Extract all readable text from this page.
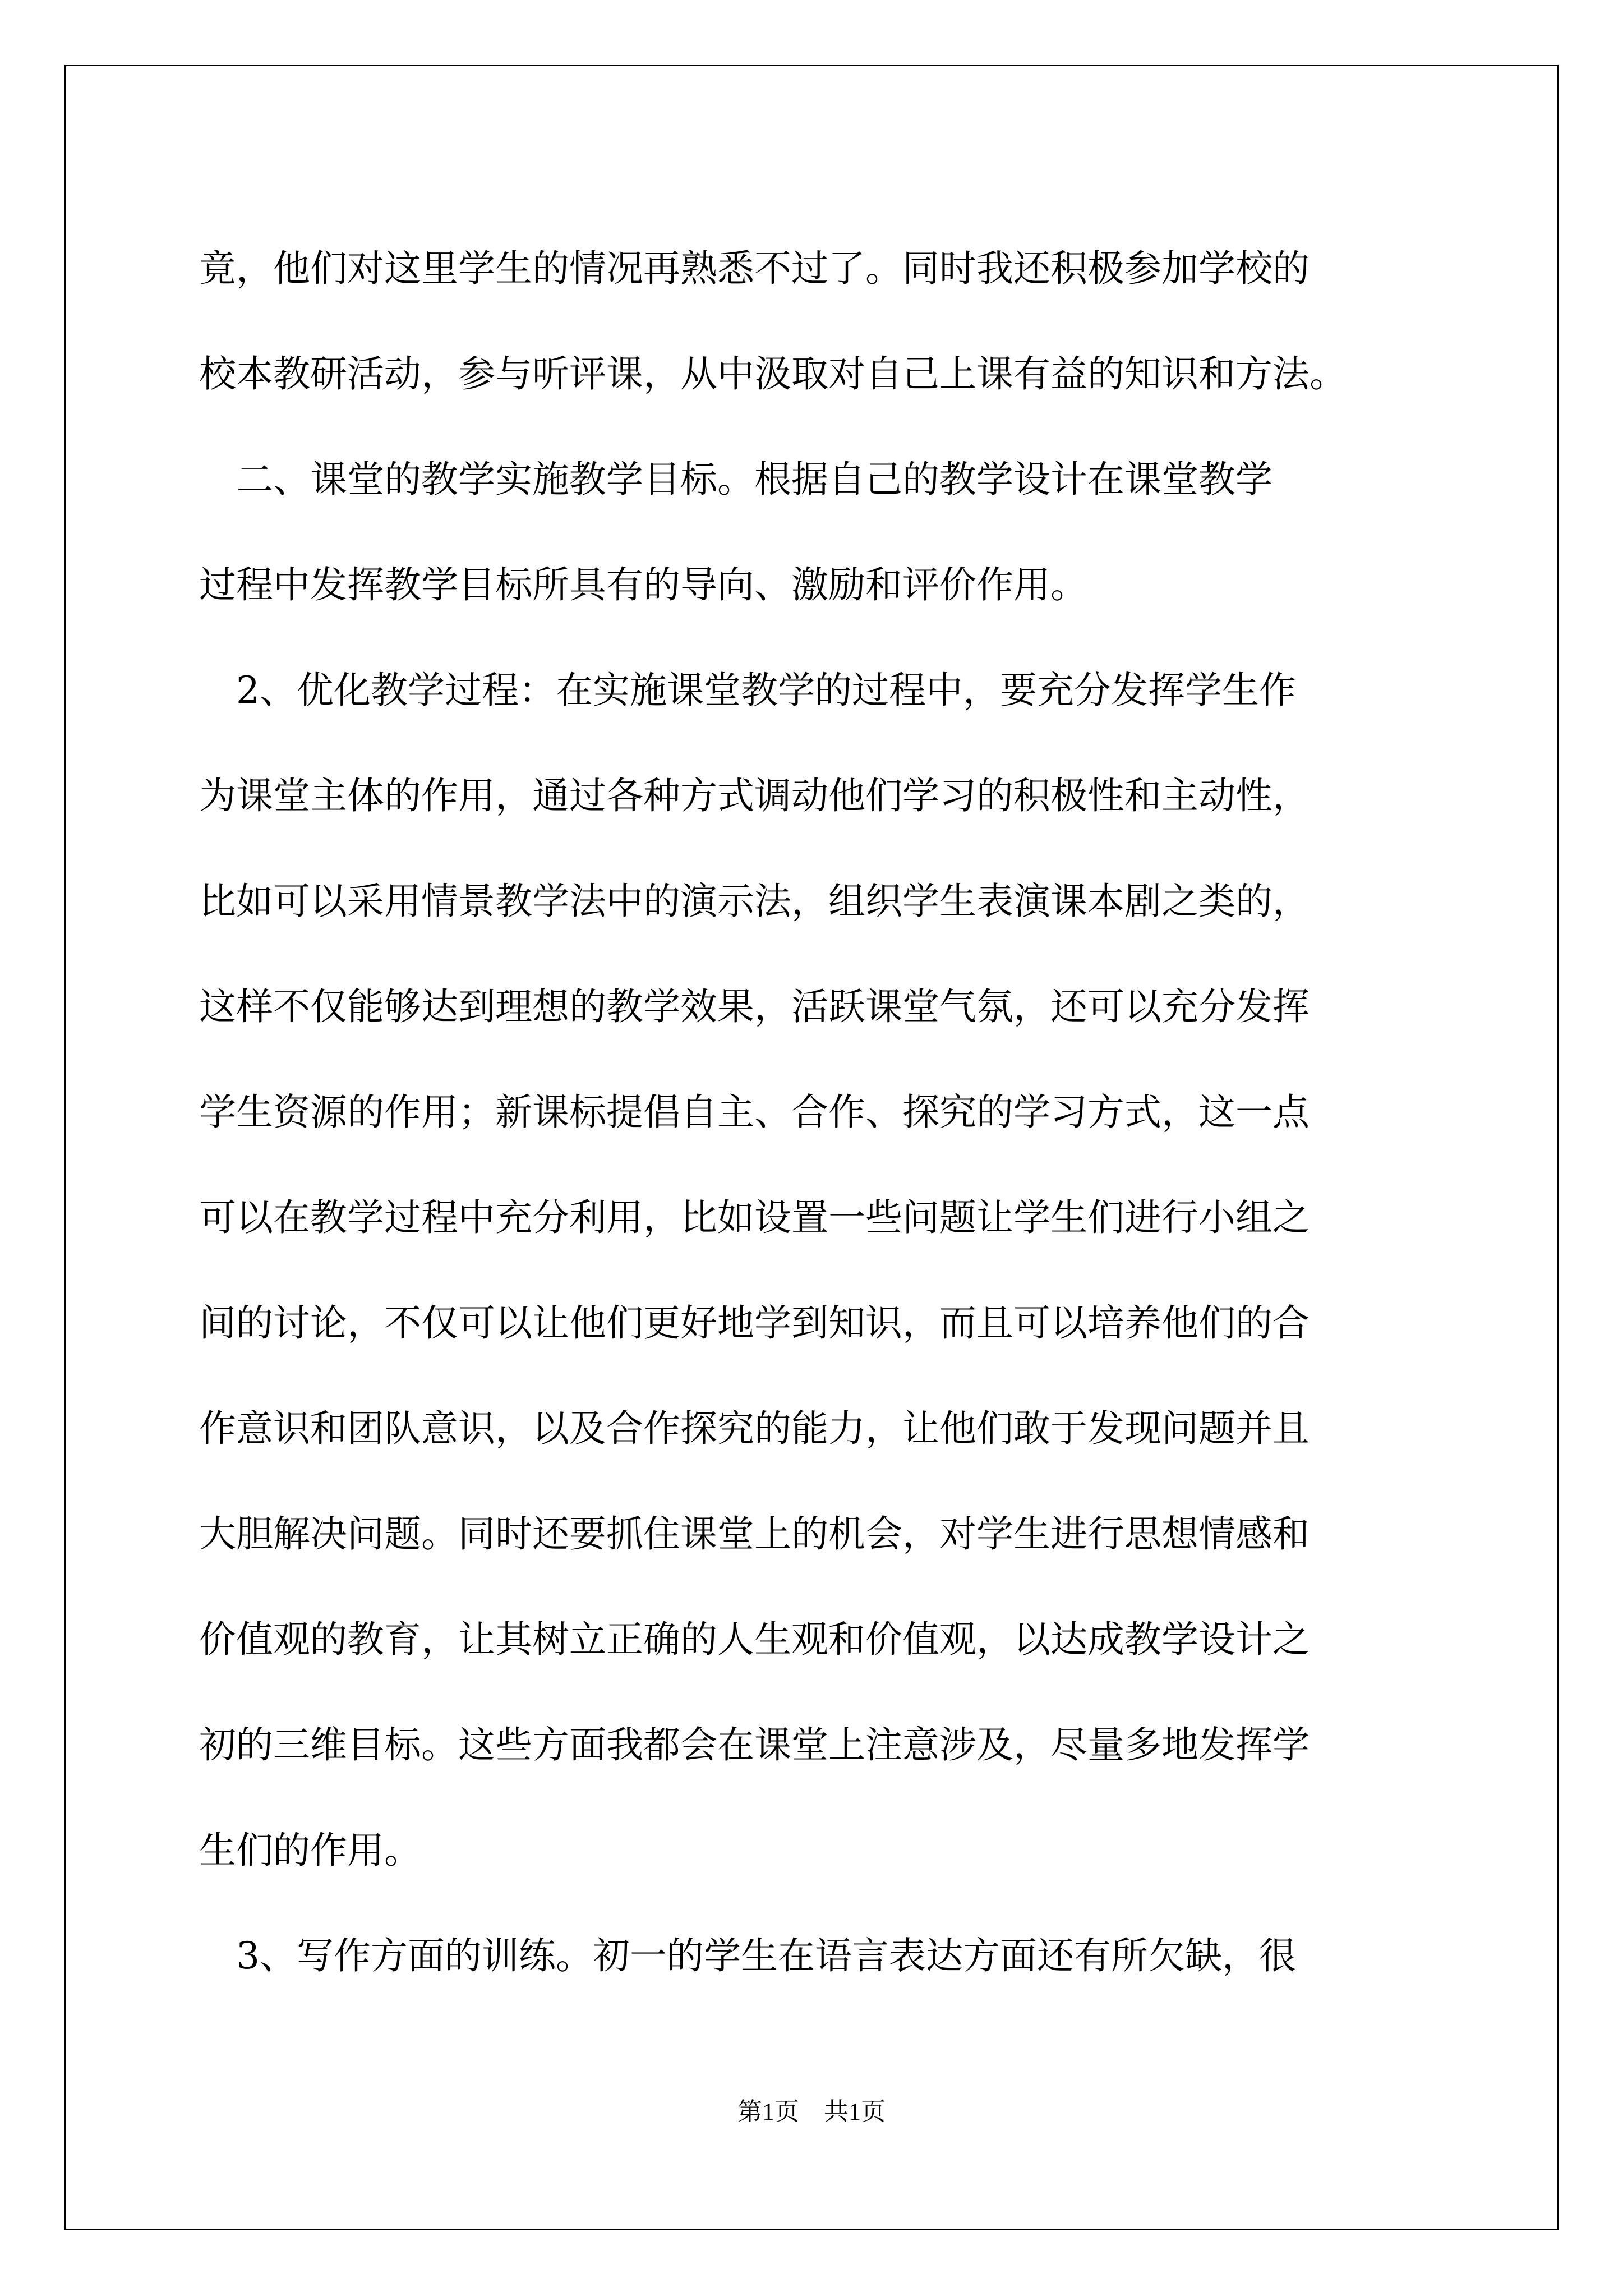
竟，他们对这里学生的情况再熟悉不过了。同时我还积极参加学校的
校本教研活动，参与听评课，从中汲取对自己上课有益的知识和方法。
　二、课堂的教学实施教学目标。根据自己的教学设计在课堂教学
过程中发挥教学目标所具有的导向、激励和评价作用。
　2、优化教学过程：在实施课堂教学的过程中，要充分发挥学生作
为课堂主体的作用，通过各种方式调动他们学习的积极性和主动性，
比如可以采用情景教学法中的演示法，组织学生表演课本剧之类的，
这样不仅能够达到理想的教学效果，活跃课堂气氛，还可以充分发挥
学生资源的作用；新课标提倡自主、合作、探究的学习方式，这一点
可以在教学过程中充分利用，比如设置一些问题让学生们进行小组之
间的讨论，不仅可以让他们更好地学到知识，而且可以培养他们的合
作意识和团队意识，以及合作探究的能力，让他们敢于发现问题并且
大胆解决问题。同时还要抓住课堂上的机会，对学生进行思想情感和
价值观的教育，让其树立正确的人生观和价值观，以达成教学设计之
初的三维目标。这些方面我都会在课堂上注意涉及，尽量多地发挥学
生们的作用。
　3、写作方面的训练。初一的学生在语言表达方面还有所欠缺，很
第1页　共1页
